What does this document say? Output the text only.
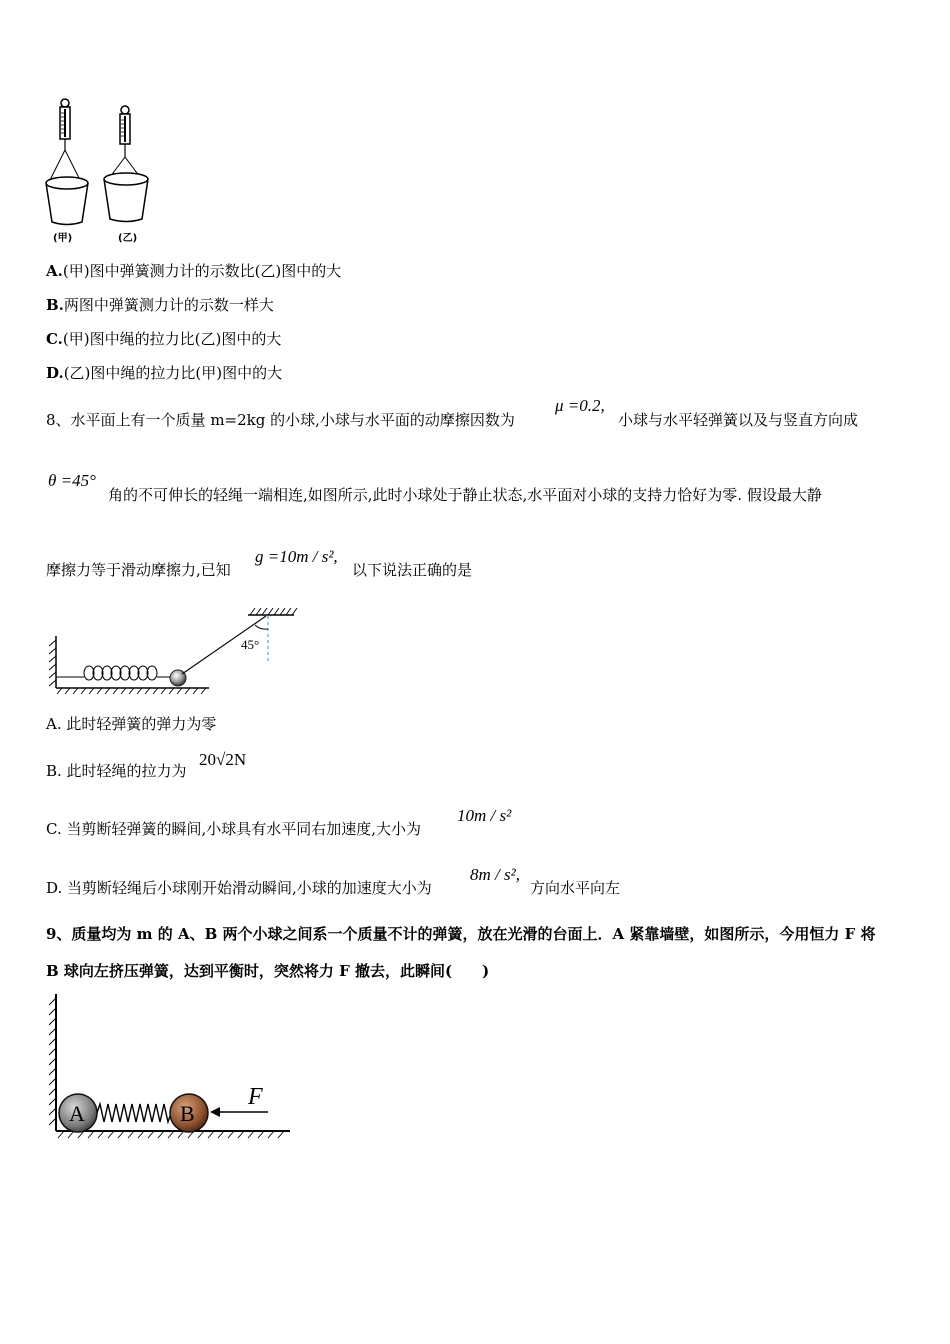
(甲)	(乙)
A.(甲)图中弹簧测力计的示数比(乙)图中的大
B.两图中弹簧测力计的示数一样大
C.(甲)图中绳的拉力比(乙)图中的大
D.(乙)图中绳的拉力比(甲)图中的大
8、水平面上有一个质量 m=2kg 的小球,小球与水平面的动摩擦因数为
μ =0.2,
小球与水平轻弹簧以及与竖直方向成
θ =45°
角的不可伸长的轻绳一端相连,如图所示,此时小球处于静止状态,水平面对小球的支持力恰好为零. 假设最大静
摩擦力等于滑动摩擦力,已知
g =10m / s²,
以下说法正确的是
45°
A. 此时轻弹簧的弹力为零
B. 此时轻绳的拉力为
20√2N
C. 当剪断轻弹簧的瞬间,小球具有水平同右加速度,大小为
10m / s²
D. 当剪断轻绳后小球刚开始滑动瞬间,小球的加速度大小为
8m / s²,
方向水平向左
9、质量均为 m 的 A、B 两个小球之间系一个质量不计的弹簧，放在光滑的台面上．A 紧靠墙壁，如图所示，今用恒力 F 将
B 球向左挤压弹簧，达到平衡时，突然将力 F 撤去，此瞬间(　　)
A	B
F
